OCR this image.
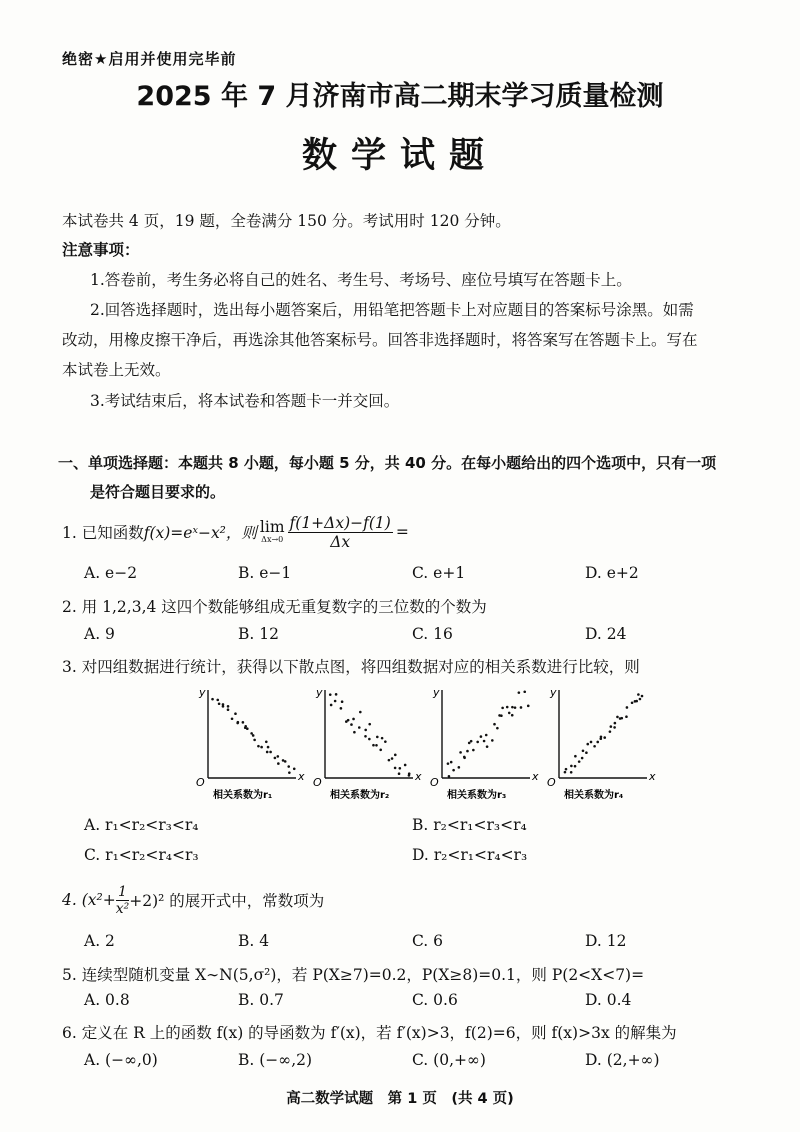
绝密★启用并使用完毕前
2025 年 7 月济南市高二期末学习质量检测
数学试题
本试卷共 4 页，19 题，全卷满分 150 分。考试用时 120 分钟。
注意事项：
1.答卷前，考生务必将自己的姓名、考生号、考场号、座位号填写在答题卡上。
2.回答选择题时，选出每小题答案后，用铅笔把答题卡上对应题目的答案标号涂黑。如需
改动，用橡皮擦干净后，再选涂其他答案标号。回答非选择题时，将答案写在答题卡上。写在
本试卷上无效。
3.考试结束后，将本试卷和答题卡一并交回。
一、单项选择题：本题共 8 小题，每小题 5 分，共 40 分。在每小题给出的四个选项中，只有一项
是符合题目要求的。
1. 已知函数 f(x)=eˣ−x²，则 lim
$\Delta x\to 0 \frac{f(1+\Delta x)-f(1)}{\Delta x}$ =
A. e−2	B. e−1	C. e+1	D. e+2
2. 用 1,2,3,4 这四个数能够组成无重复数字的三位数的个数为
A. 9	B. 12	C. 16	D. 24
3. 对四组数据进行统计，获得以下散点图，将四组数据对应的相关系数进行比较，则
y
x
O
相关系数为r₁
y
x
O
相关系数为r₂
y
x
O
相关系数为r₃
y
x
O
相关系数为r₄
A. r₁<r₂<r₃<r₄	B. r₂<r₁<r₃<r₄
C. r₁<r₂<r₄<r₃	D. r₂<r₁<r₄<r₃
4. $(x^2+ \frac{1}{\text{x²}} +2)^2$ 的展开式中，常数项为
A. 2	B. 4	C. 6	D. 12
5. 连续型随机变量 X∼N(5,σ²)，若 P(X≥7)=0.2，P(X≥8)=0.1，则 P(2<X<7)=
A. 0.8	B. 0.7	C. 0.6	D. 0.4
6. 定义在 R 上的函数 f(x) 的导函数为 f′(x)，若 f′(x)>3，f(2)=6，则 f(x)>3x 的解集为
A. (−∞,0)	B. (−∞,2)	C. (0,+∞)	D. (2,+∞)
高二数学试题　第 1 页　(共 4 页)
